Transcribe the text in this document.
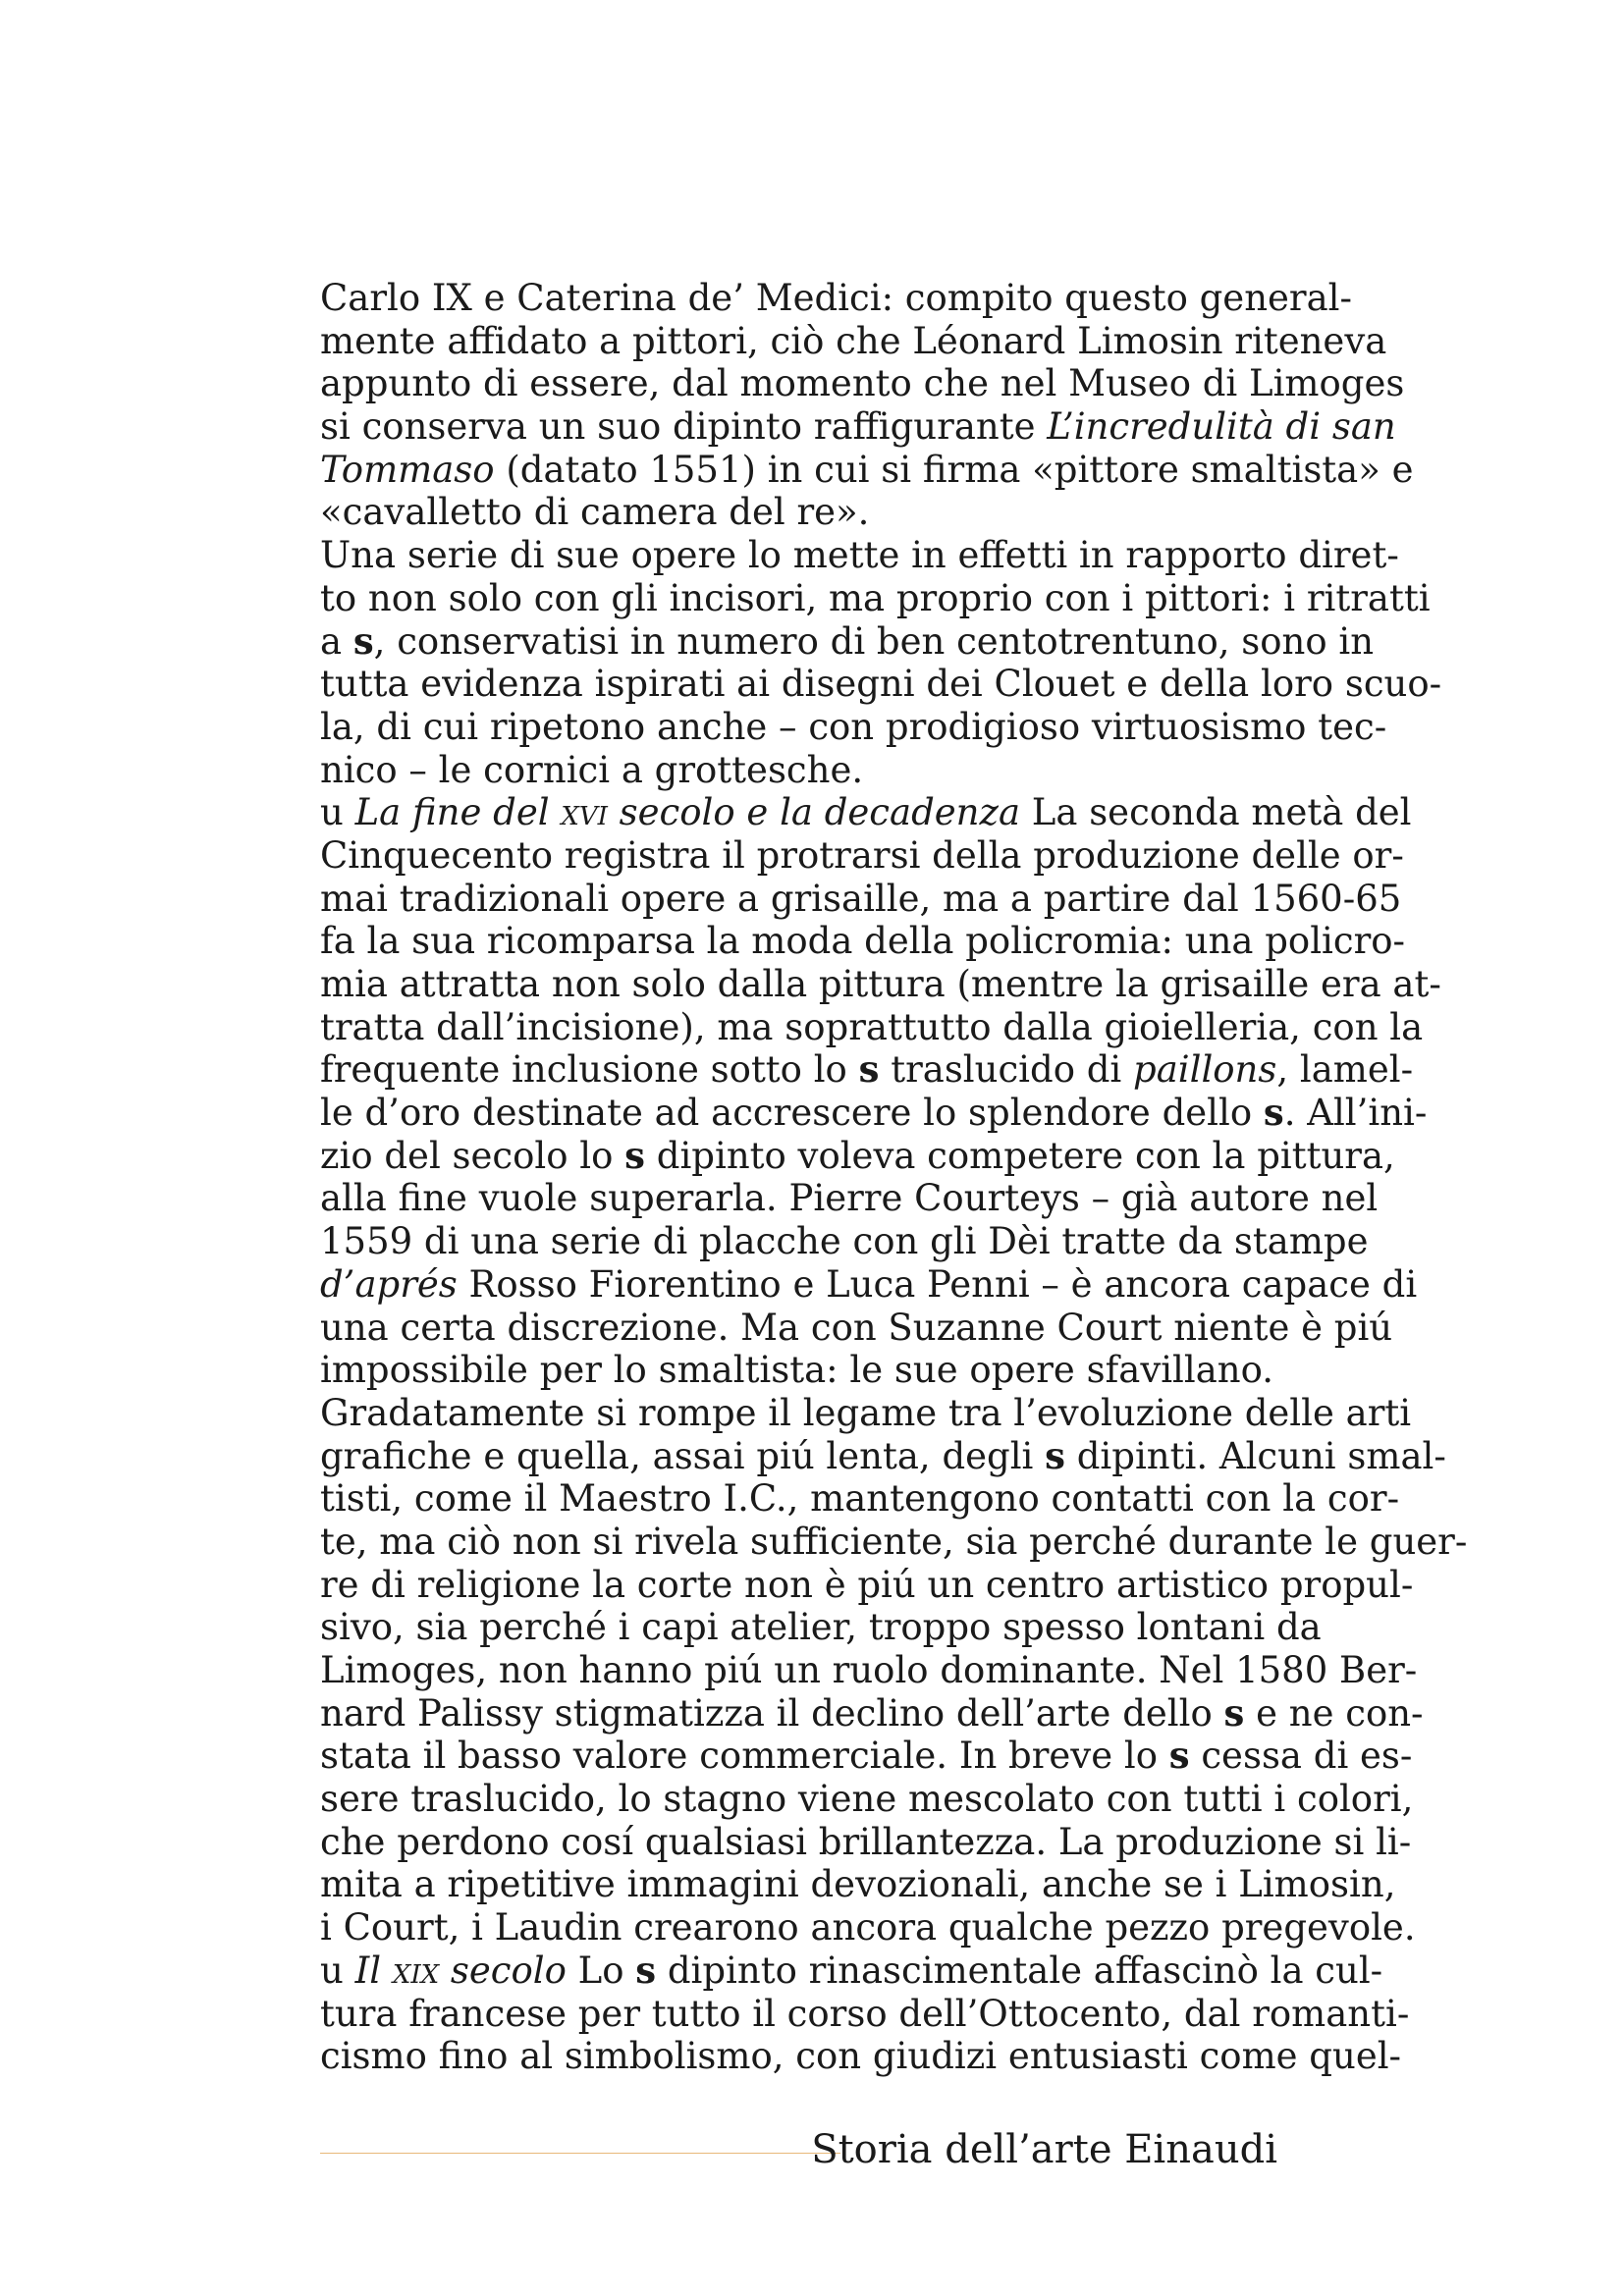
Carlo IX e Caterina de’ Medici: compito questo general-
mente affidato a pittori, ciò che Léonard Limosin riteneva
appunto di essere, dal momento che nel Museo di Limoges
si conserva un suo dipinto raffigurante L’incredulità di san
Tommaso (datato 1551) in cui si firma «pittore smaltista» e
«cavalletto di camera del re».
Una serie di sue opere lo mette in effetti in rapporto diret-
to non solo con gli incisori, ma proprio con i pittori: i ritratti
a s, conservatisi in numero di ben centotrentuno, sono in
tutta evidenza ispirati ai disegni dei Clouet e della loro scuo-
la, di cui ripetono anche – con prodigioso virtuosismo tec-
nico – le cornici a grottesche.
u La fine del xvi secolo e la decadenza La seconda metà del
Cinquecento registra il protrarsi della produzione delle or-
mai tradizionali opere a grisaille, ma a partire dal 1560-65
fa la sua ricomparsa la moda della policromia: una policro-
mia attratta non solo dalla pittura (mentre la grisaille era at-
tratta dall’incisione), ma soprattutto dalla gioielleria, con la
frequente inclusione sotto lo s traslucido di paillons, lamel-
le d’oro destinate ad accrescere lo splendore dello s. All’ini-
zio del secolo lo s dipinto voleva competere con la pittura,
alla fine vuole superarla. Pierre Courteys – già autore nel
1559 di una serie di placche con gli Dèi tratte da stampe
d’aprés Rosso Fiorentino e Luca Penni – è ancora capace di
una certa discrezione. Ma con Suzanne Court niente è piú
impossibile per lo smaltista: le sue opere sfavillano.
Gradatamente si rompe il legame tra l’evoluzione delle arti
grafiche e quella, assai piú lenta, degli s dipinti. Alcuni smal-
tisti, come il Maestro I.C., mantengono contatti con la cor-
te, ma ciò non si rivela sufficiente, sia perché durante le guer-
re di religione la corte non è piú un centro artistico propul-
sivo, sia perché i capi atelier, troppo spesso lontani da
Limoges, non hanno piú un ruolo dominante. Nel 1580 Ber-
nard Palissy stigmatizza il declino dell’arte dello s e ne con-
stata il basso valore commerciale. In breve lo s cessa di es-
sere traslucido, lo stagno viene mescolato con tutti i colori,
che perdono cosí qualsiasi brillantezza. La produzione si li-
mita a ripetitive immagini devozionali, anche se i Limosin,
i Court, i Laudin crearono ancora qualche pezzo pregevole.
u Il xix secolo Lo s dipinto rinascimentale affascinò la cul-
tura francese per tutto il corso dell’Ottocento, dal romanti-
cismo fino al simbolismo, con giudizi entusiasti come quel-
Storia dell’arte Einaudi
